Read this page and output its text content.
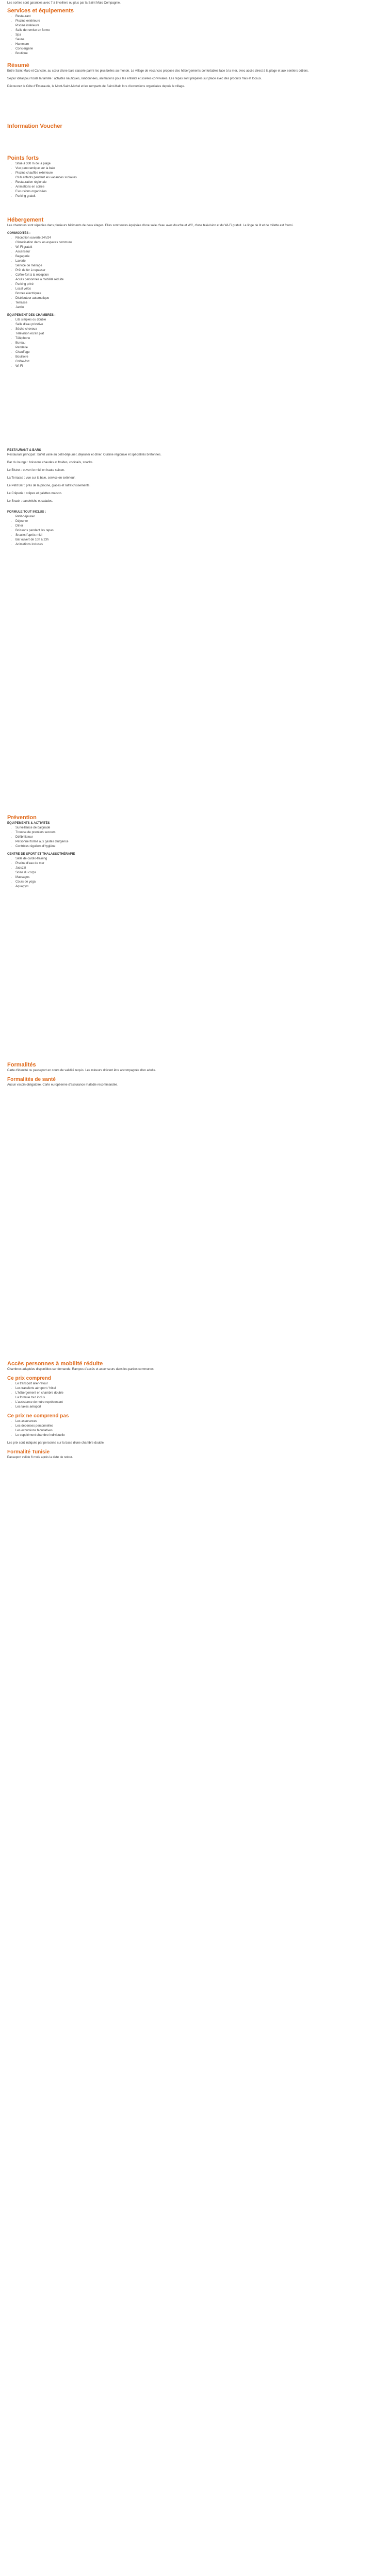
Les sorties sont garanties avec 7 à 8 voiliers ou plus par la Saint Malo Compagnie.

Services et équipements

• Restaurant
• Piscine extérieure
• Piscine intérieure
• Salle de remise en forme
• Spa
• Sauna
• Hammam
• Conciergerie
• Boutique

Résumé

Entre Saint-Malo et Cancale, au cœur d'une baie classée parmi les plus belles au monde. Le village de vacances propose des hébergements confortables face à la mer, avec accès direct à la plage et aux sentiers côtiers.

Séjour idéal pour toute la famille : activités nautiques, randonnées, animations pour les enfants et soirées conviviales. Les repas sont préparés sur place avec des produits frais et locaux.

Découvrez la Côte d'Émeraude, le Mont-Saint-Michel et les remparts de Saint-Malo lors d'excursions organisées depuis le village.

Information Voucher

Points forts

• Situé à 300 m de la plage
• Vue panoramique sur la baie
• Piscine chauffée extérieure
• Club enfants pendant les vacances scolaires
• Restauration régionale
• Animations en soirée
• Excursions organisées
• Parking gratuit

Hébergement

Les chambres sont réparties dans plusieurs bâtiments de deux étages. Elles sont toutes équipées d'une salle d'eau avec douche et WC, d'une télévision et du Wi-Fi gratuit. Le linge de lit et de toilette est fourni.

COMMODITÉS :

• Réception ouverte 24h/24
• Climatisation dans les espaces communs
• Wi-Fi gratuit
• Ascenseur
• Bagagerie
• Laverie
• Service de ménage
• Prêt de fer à repasser
• Coffre-fort à la réception
• Accès personnes à mobilité réduite
• Parking privé
• Local vélos
• Bornes électriques
• Distributeur automatique
• Terrasse
• Jardin

ÉQUIPEMENT DES CHAMBRES :

• Lits simples ou double
• Salle d'eau privative
• Sèche-cheveux
• Télévision écran plat
• Téléphone
• Bureau
• Penderie
• Chauffage
• Bouilloire
• Coffre-fort
• Wi-Fi

RESTAURANT & BARS

Restaurant principal : buffet varié au petit-déjeuner, déjeuner et dîner. Cuisine régionale et spécialités bretonnes.

Bar du lounge : boissons chaudes et froides, cocktails, snacks.

Le Bistrot : ouvert le midi en haute saison.

La Terrasse : vue sur la baie, service en extérieur.

Le Petit Bar : près de la piscine, glaces et rafraîchissements.

Le Crêperie : crêpes et galettes maison.

Le Snack : sandwichs et salades.

FORMULE TOUT INCLUS :

• Petit-déjeuner
• Déjeuner
• Dîner
• Boissons pendant les repas
• Snacks l'après-midi
• Bar ouvert de 10h à 23h
• Animations incluses

Prévention

ÉQUIPEMENTS & ACTIVITÉS

• Surveillance de baignade
• Trousse de premiers secours
• Défibrillateur
• Personnel formé aux gestes d'urgence
• Contrôles réguliers d'hygiène

CENTRE DE SPORT ET THALASSOTHÉRAPIE

• Salle de cardio-training
• Piscine d'eau de mer
• Jacuzzi
• Soins du corps
• Massages
• Cours de yoga
• Aquagym

Formalités

Carte d'identité ou passeport en cours de validité requis. Les mineurs doivent être accompagnés d'un adulte.

Formalités de santé

Aucun vaccin obligatoire. Carte européenne d'assurance maladie recommandée.

Accès personnes à mobilité réduite

Chambres adaptées disponibles sur demande. Rampes d'accès et ascenseurs dans les parties communes.

Ce prix comprend

• Le transport aller-retour
• Les transferts aéroport / hôtel
• L'hébergement en chambre double
• La formule tout inclus
• L'assistance de notre représentant
• Les taxes aéroport

Ce prix ne comprend pas

• Les assurances
• Les dépenses personnelles
• Les excursions facultatives
• Le supplément chambre individuelle

Les prix sont indiqués par personne sur la base d'une chambre double.

Formalité Tunisie

Passeport valide 6 mois après la date de retour.
